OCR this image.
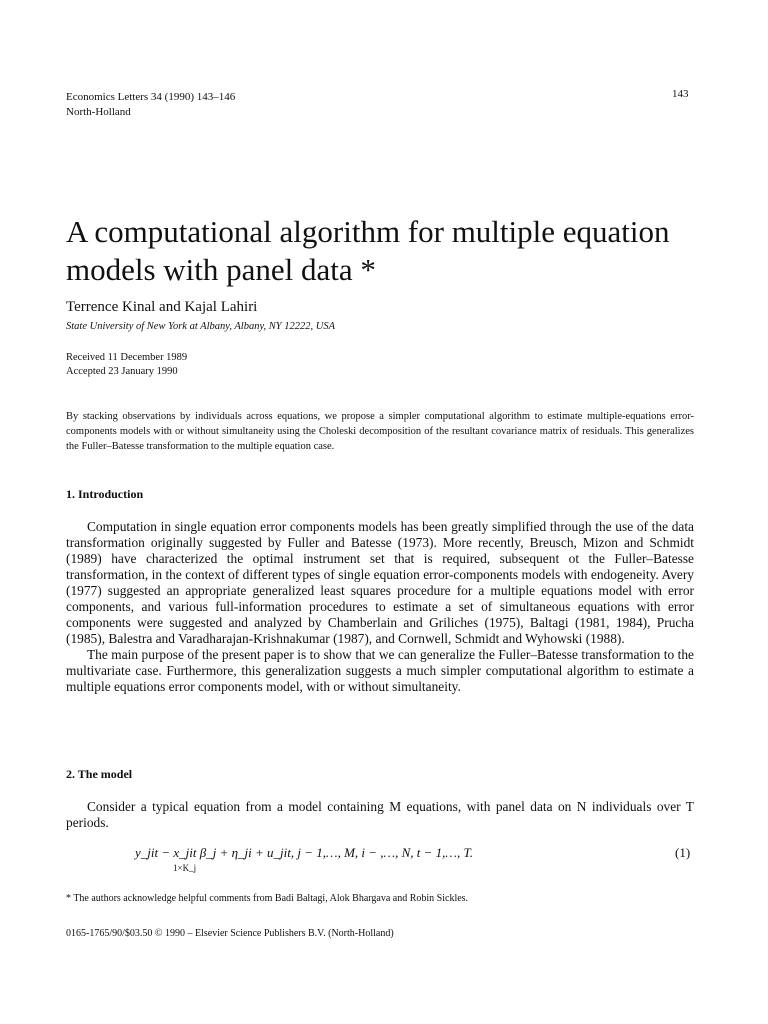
Economics Letters 34 (1990) 143–146
North-Holland
143
A computational algorithm for multiple equation models with panel data *
Terrence Kinal and Kajal Lahiri
State University of New York at Albany, Albany, NY 12222, USA
Received 11 December 1989
Accepted 23 January 1990
By stacking observations by individuals across equations, we propose a simpler computational algorithm to estimate multiple-equations error-components models with or without simultaneity using the Choleski decomposition of the resultant covariance matrix of residuals. This generalizes the Fuller–Batesse transformation to the multiple equation case.
1. Introduction

Computation in single equation error components models has been greatly simplified through the use of the data transformation originally suggested by Fuller and Batesse (1973). More recently, Breusch, Mizon and Schmidt (1989) have characterized the optimal instrument set that is required, subsequent ot the Fuller–Batesse transformation, in the context of different types of single equation error-components models with endogeneity. Avery (1977) suggested an appropriate generalized least squares procedure for a multiple equations model with error components, and various full-information procedures to estimate a set of simultaneous equations with error components were suggested and analyzed by Chamberlain and Griliches (1975), Baltagi (1981, 1984), Prucha (1985), Balestra and Varadharajan-Krishnakumar (1987), and Cornwell, Schmidt and Wyhowski (1988).

The main purpose of the present paper is to show that we can generalize the Fuller–Batesse transformation to the multivariate case. Furthermore, this generalization suggests a much simpler computational algorithm to estimate a multiple equations error components model, with or without simultaneity.

2. The model

Consider a typical equation from a model containing M equations, with panel data on N individuals over T periods.

y_jit − x_jit β_j + η_ji + u_jit, j − 1,…, M, i − ,…, N, t − 1,…, T.
1×K_j
(1)
* The authors acknowledge helpful comments from Badi Baltagi, Alok Bhargava and Robin Sickles.
0165-1765/90/$03.50 © 1990 – Elsevier Science Publishers B.V. (North-Holland)
